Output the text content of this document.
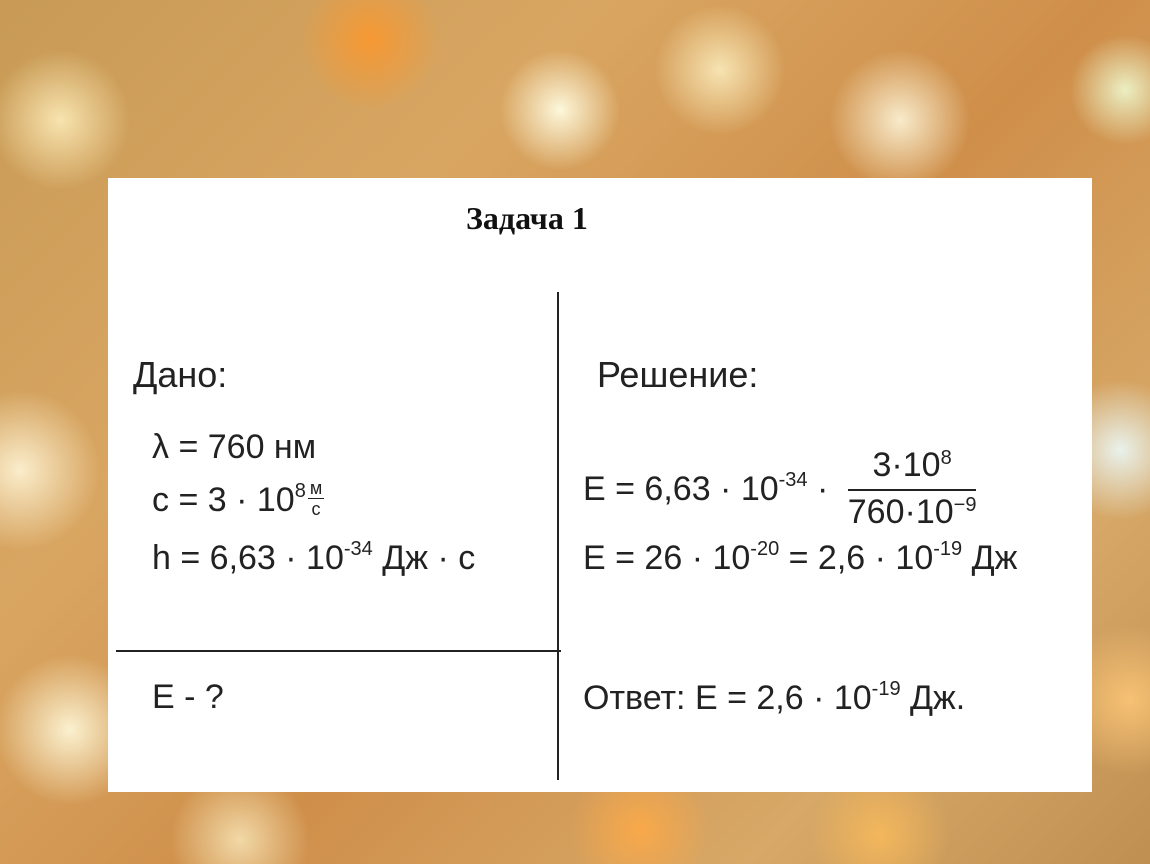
Задача 1
Дано:	Решение:
λ = 760 нм
$с = 3 \cdot 10^8 \frac{м}{с}$
$h = 6,63 \cdot 10^{-34}$ Дж · с
Е - ?
$Е = 6,63 \cdot 10^{-34} \cdot \frac{3\cdot 10^8}{760\cdot 10^{-9}}$
$Е = 26 \cdot 10^{-20} = 2,6 \cdot 10^{-19}$ Дж
Ответ: $Е = 2,6 \cdot 10^{-19}$ Дж.
